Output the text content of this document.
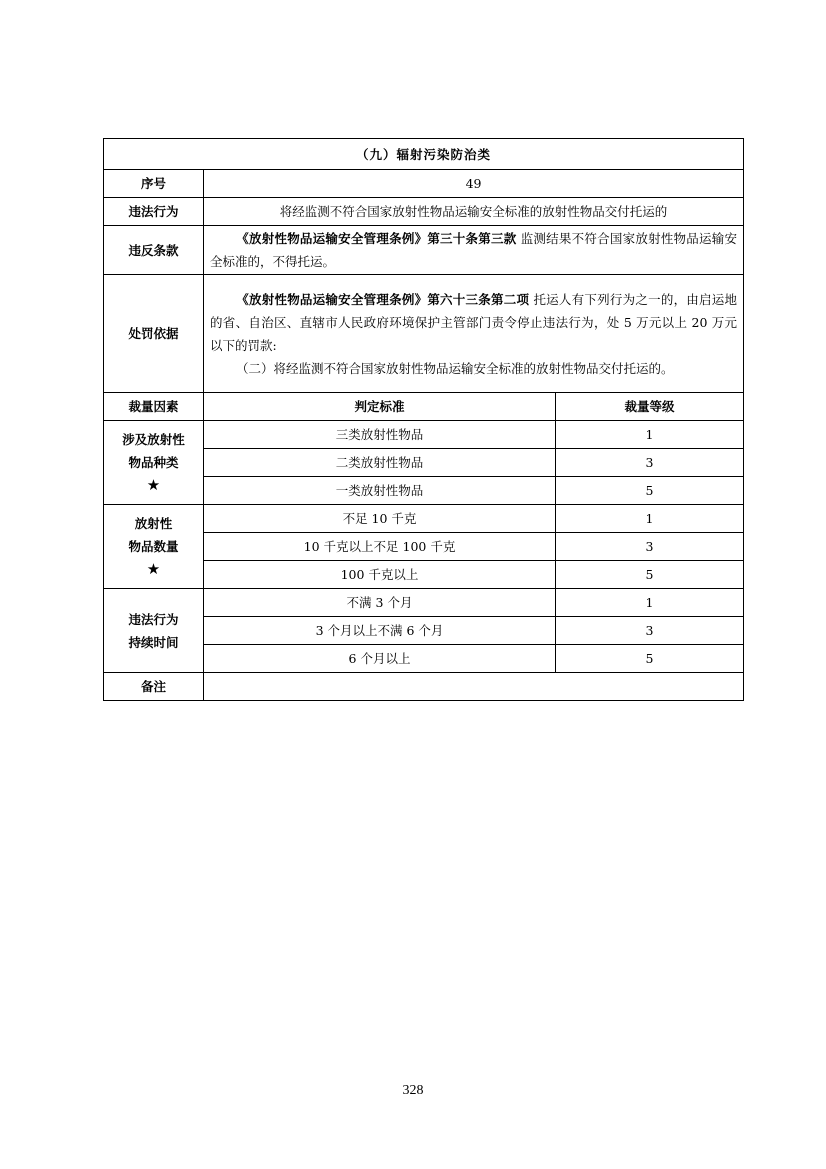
（九）辐射污染防治类		
序号	49	
违法行为	将经监测不符合国家放射性物品运输安全标准的放射性物品交付托运的	
违反条款	《放射性物品运输安全管理条例》第三十条第三款 监测结果不符合国家放射性物品运输安全标准的，不得托运。	
处罚依据	《放射性物品运输安全管理条例》第六十三条第二项 托运人有下列行为之一的，由启运地的省、自治区、直辖市人民政府环境保护主管部门责令停止违法行为，处 5 万元以上 20 万元以下的罚款:
（二）将经监测不符合国家放射性物品运输安全标准的放射性物品交付托运的。	
裁量因素	判定标准	裁量等级
涉及放射性
物品种类
★	三类放射性物品	1
	二类放射性物品	3
	一类放射性物品	5
放射性
物品数量
★	不足 10 千克	1
	10 千克以上不足 100 千克	3
	100 千克以上	5
违法行为
持续时间	不满 3 个月	1
	3 个月以上不满 6 个月	3
	6 个月以上	5
备注		
328
